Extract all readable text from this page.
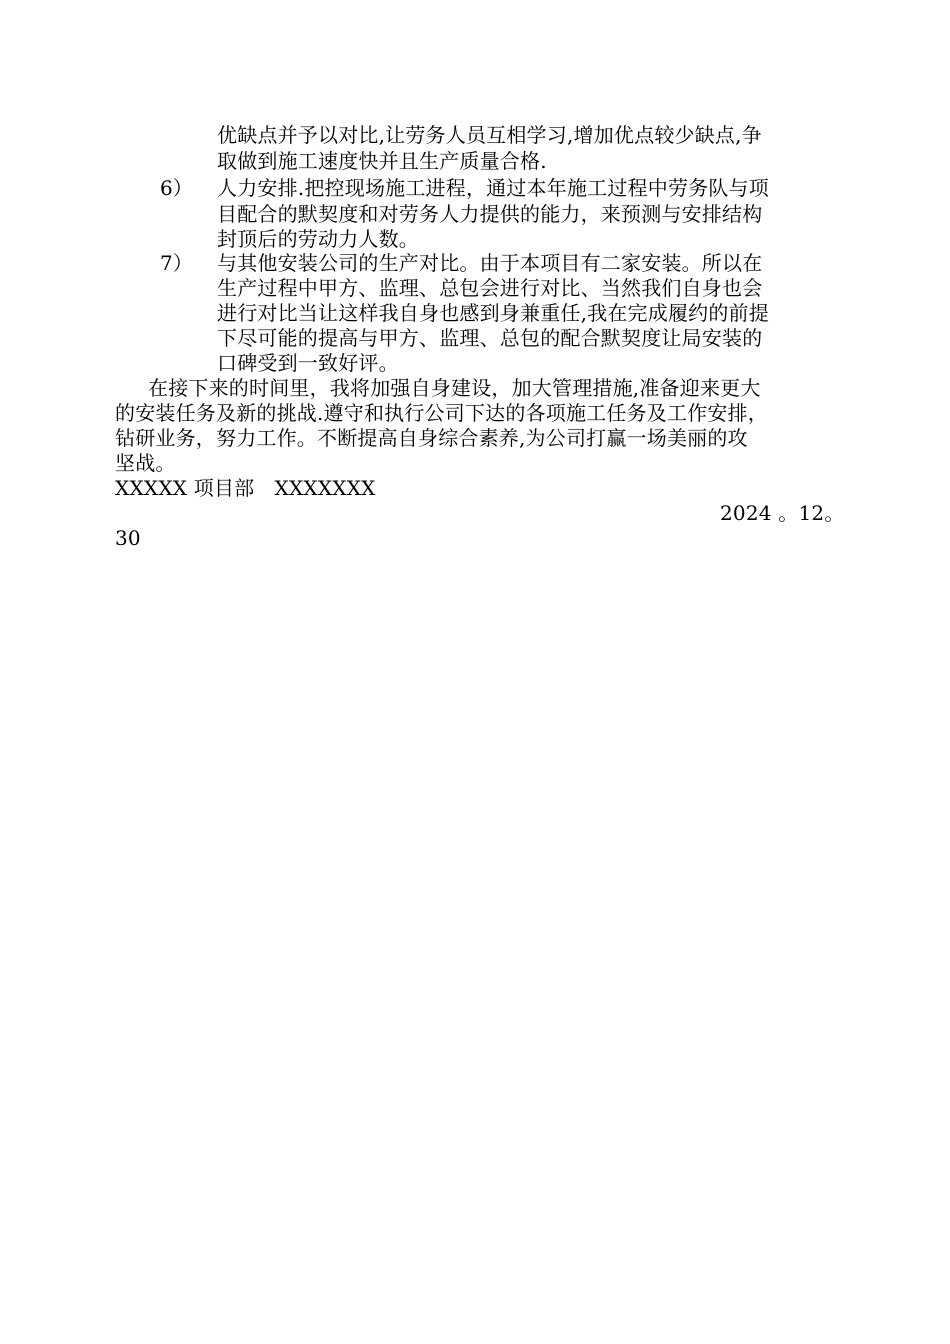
优缺点并予以对比,让劳务人员互相学习,增加优点较少缺点,争
取做到施工速度快并且生产质量合格.
6） 人力安排.把控现场施工进程，通过本年施工过程中劳务队与项
目配合的默契度和对劳务人力提供的能力，来预测与安排结构
封顶后的劳动力人数。
7） 与其他安装公司的生产对比。由于本项目有二家安装。所以在
生产过程中甲方、监理、总包会进行对比、当然我们自身也会
进行对比当让这样我自身也感到身兼重任,我在完成履约的前提
下尽可能的提高与甲方、监理、总包的配合默契度让局安装的
口碑受到一致好评。
在接下来的时间里，我将加强自身建设，加大管理措施,准备迎来更大
的安装任务及新的挑战.遵守和执行公司下达的各项施工任务及工作安排，
钻研业务，努力工作。不断提高自身综合素养,为公司打赢一场美丽的攻
坚战。
XXXXX 项目部　XXXXXXX
2024 。12。
30
